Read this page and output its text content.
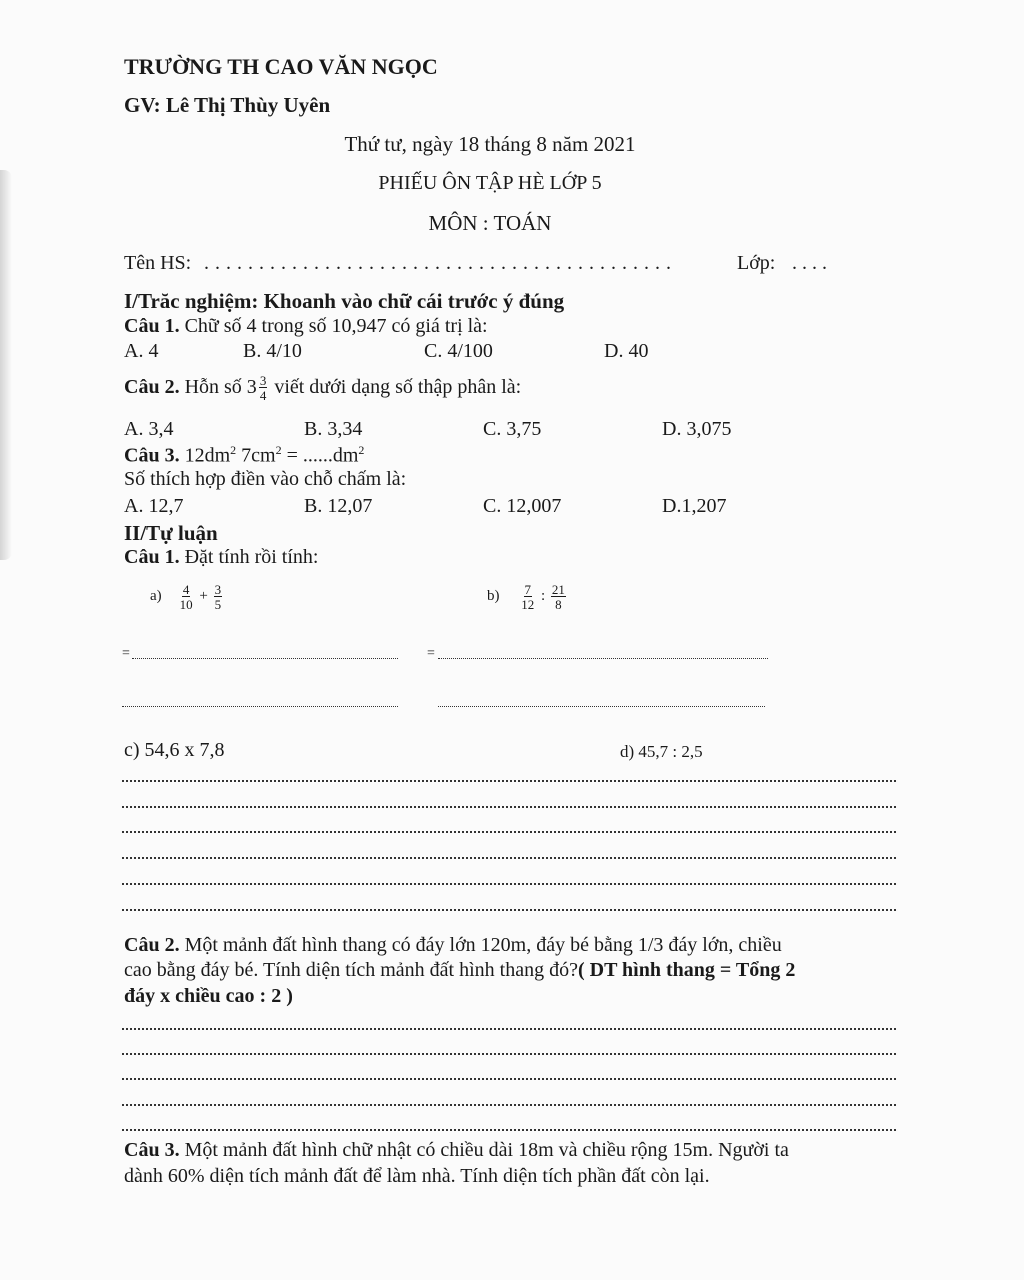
TRƯỜNG TH CAO VĂN NGỌC
GV: Lê Thị Thùy Uyên
Thứ tư, ngày 18 tháng 8 năm 2021
PHIẾU ÔN TẬP HÈ LỚP 5
MÔN : TOÁN
Tên HS: . . . . . . . . . . . . . . . . . . . . . . . . . . . . . . . . . . . . . . . . . . .	Lớp: . . . .
I/Trăc nghiệm: Khoanh vào chữ cái trước ý đúng
Câu 1. Chữ số 4 trong số 10,947 có giá trị là:
A. 4	B. 4/10	C. 4/100	D. 40
Câu 2. Hỗn số $3 \frac{3}{4}$ viết dưới dạng số thập phân là:
A. 3,4	B. 3,34	C. 3,75	D. 3,075
Câu 3. $12dm^2$ $7cm^2 = ......dm^2$
Số thích hợp điền vào chỗ chấm là:
A. 12,7	B. 12,07	C. 12,007	D.1,207
II/Tự luận
Câu 1. Đặt tính rồi tính:
$a) \frac{4}{10} + \frac{3}{5}$	$b) \frac{7}{12}$ : $\frac{21}{8}$
=	=
c) 54,6 x 7,8	d) 45,7 : 2,5
Câu 2. Một mảnh đất hình thang có đáy lớn 120m, đáy bé bằng 1/3 đáy lớn, chiều
cao bằng đáy bé. Tính diện tích mảnh đất hình thang đó?( DT hình thang = Tổng 2
đáy x chiều cao : 2 )
Câu 3. Một mảnh đất hình chữ nhật có chiều dài 18m và chiều rộng 15m. Người ta
dành 60% diện tích mảnh đất để làm nhà. Tính diện tích phần đất còn lại.
